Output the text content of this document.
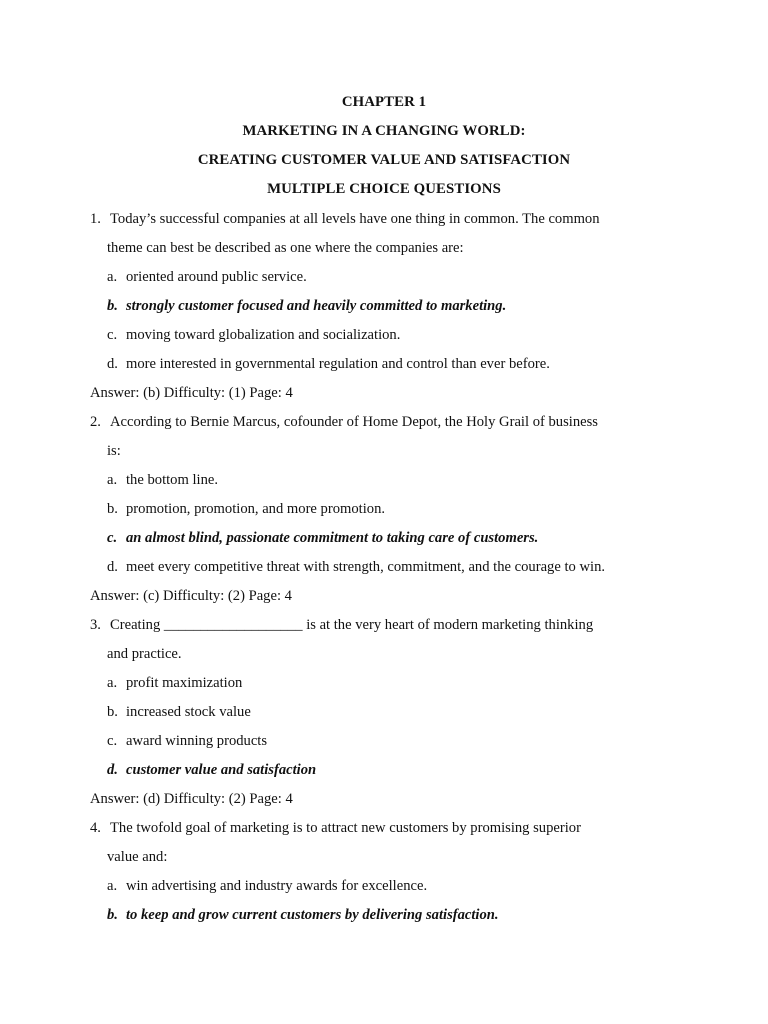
CHAPTER 1
MARKETING IN A CHANGING WORLD:
CREATING CUSTOMER VALUE AND SATISFACTION
MULTIPLE CHOICE QUESTIONS
1. Today’s successful companies at all levels have one thing in common. The common
theme can best be described as one where the companies are:
a. oriented around public service.
b. strongly customer focused and heavily committed to marketing.
c. moving toward globalization and socialization.
d. more interested in governmental regulation and control than ever before.
Answer: (b) Difficulty: (1) Page: 4
2. According to Bernie Marcus, cofounder of Home Depot, the Holy Grail of business
is:
a. the bottom line.
b. promotion, promotion, and more promotion.
c. an almost blind, passionate commitment to taking care of customers.
d. meet every competitive threat with strength, commitment, and the courage to win.
Answer: (c) Difficulty: (2) Page: 4
3. Creating ___________________ is at the very heart of modern marketing thinking
and practice.
a. profit maximization
b. increased stock value
c. award winning products
d. customer value and satisfaction
Answer: (d) Difficulty: (2) Page: 4
4. The twofold goal of marketing is to attract new customers by promising superior
value and:
a. win advertising and industry awards for excellence.
b. to keep and grow current customers by delivering satisfaction.
